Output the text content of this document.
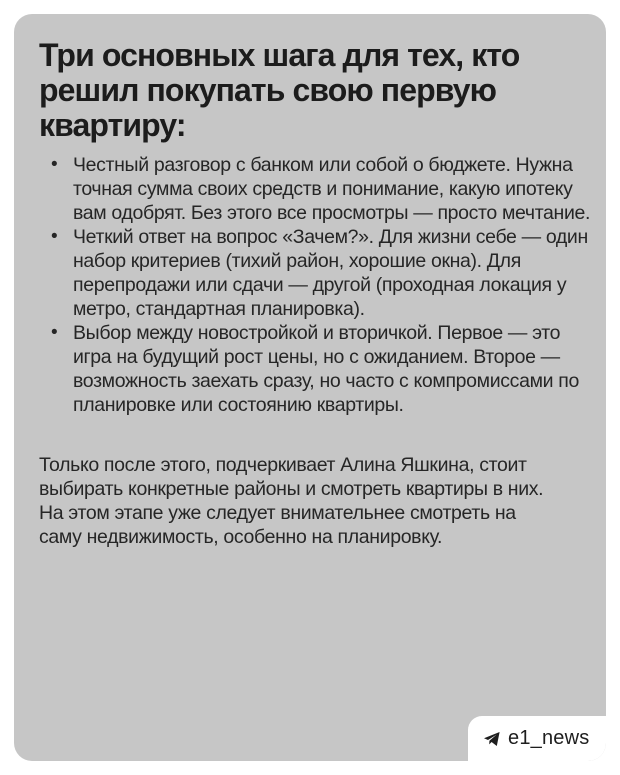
Три основных шага для тех, кто решил покупать свою первую квартиру:
• Честный разговор с банком или собой о бюджете. Нужна точная сумма своих средств и понимание, какую ипотеку вам одобрят. Без этого все просмотры — просто мечтание.
• Четкий ответ на вопрос «Зачем?». Для жизни себе — один набор критериев (тихий район, хорошие окна). Для перепродажи или сдачи — другой (проходная локация у метро, стандартная планировка).
• Выбор между новостройкой и вторичкой. Первое — это игра на будущий рост цены, но с ожиданием. Второе — возможность заехать сразу, но часто с компромиссами по планировке или состоянию квартиры.

Только после этого, подчеркивает Алина Яшкина, стоит выбирать конкретные районы и смотреть квартиры в них. На этом этапе уже следует внимательнее смотреть на саму недвижимость, особенно на планировку.

e1_news
